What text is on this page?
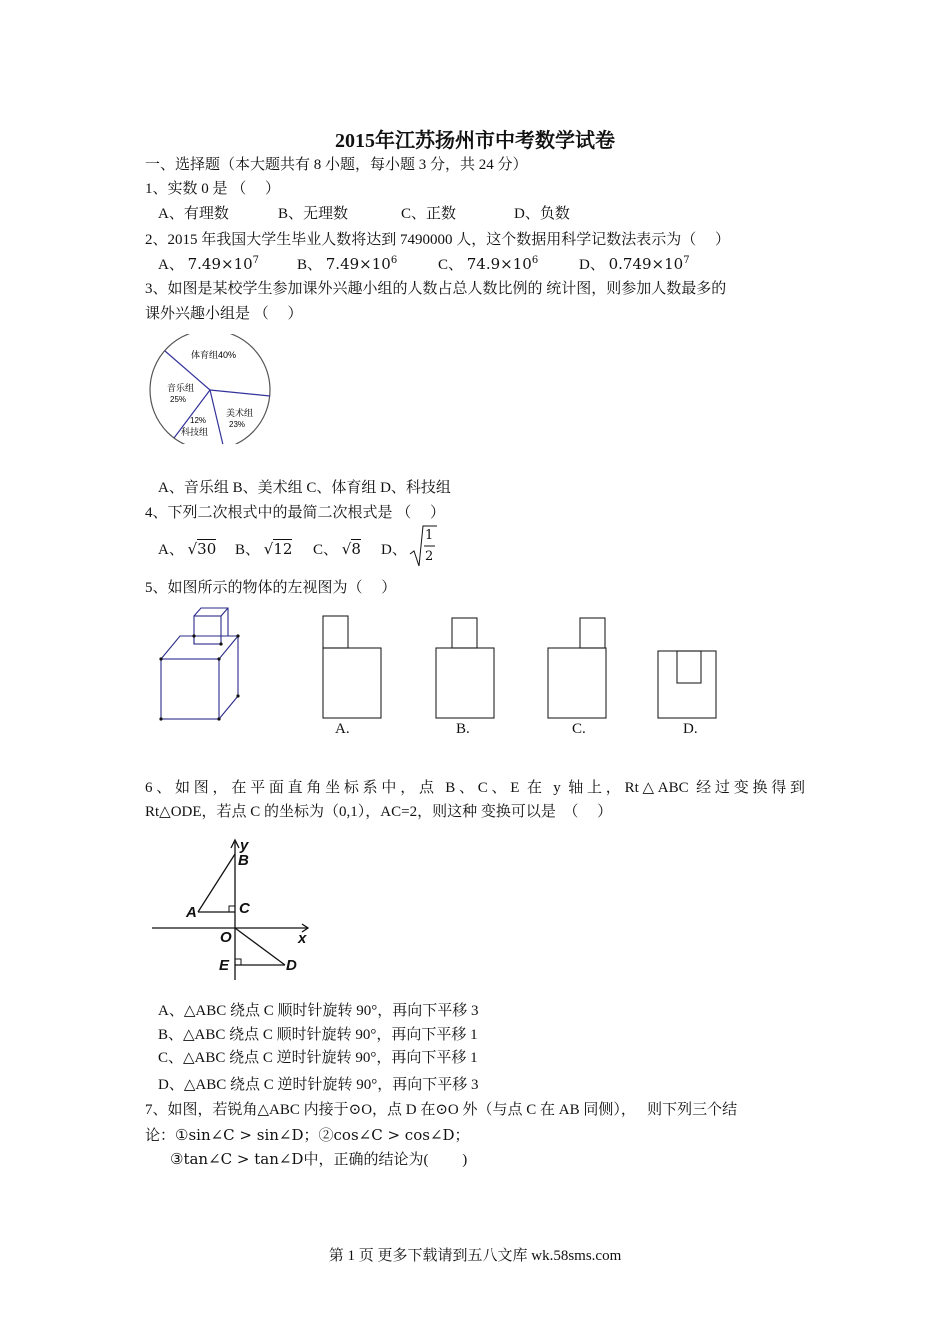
2015年江苏扬州市中考数学试卷
一、选择题（本大题共有 8 小题，每小题 3 分，共 24 分）
1、实数 0 是 （　 ）
A、有理数	B、无理数	C、正数	D、负数
2、2015 年我国大学生毕业人数将达到 7490000 人，这个数据用科学记数法表示为（　 ）
A、 $7.49\times 10^7$	B、 $7.49\times 10^6$	C、 $74.9\times 10^6$	D、 $0.749\times 10^7$
3、如图是某校学生参加课外兴趣小组的人数占总人数比例的 统计图，则参加人数最多的
课外兴趣小组是 （　 ）
体育组40%
音乐组
25%
美术组
23%
12%
科技组
A、音乐组 B、美术组 C、体育组 D、科技组
4、下列二次根式中的最简二次根式是 （　 ）
A、 √30 B、 √12 C、 √8 D、
1
2
5、如图所示的物体的左视图为（　 ）
A.	B.	C.	D.
6、如图，在平面直角坐标系中，点 B、C、E 在 y 轴上，Rt△ABC 经过变换得到
Rt△ODE，若点 C 的坐标为（0,1），AC=2，则这种 变换可以是　（　 ）
y
B
A	C
O	x
E	D
A、△ABC 绕点 C 顺时针旋转 90°，再向下平移 3
B、△ABC 绕点 C 顺时针旋转 90°，再向下平移 1
C、△ABC 绕点 C 逆时针旋转 90°，再向下平移 1
D、△ABC 绕点 C 逆时针旋转 90°，再向下平移 3
7、如图，若锐角△ABC 内接于⊙O，点 D 在⊙O 外（与点 C 在 AB 同侧），　 则下列三个结
论：①sin∠C > sin∠D；②cos∠C > cos∠D；
③tan∠C > tan∠D中，正确的结论为(　　 )
第 1 页 更多下载请到五八文库 wk.58sms.com
